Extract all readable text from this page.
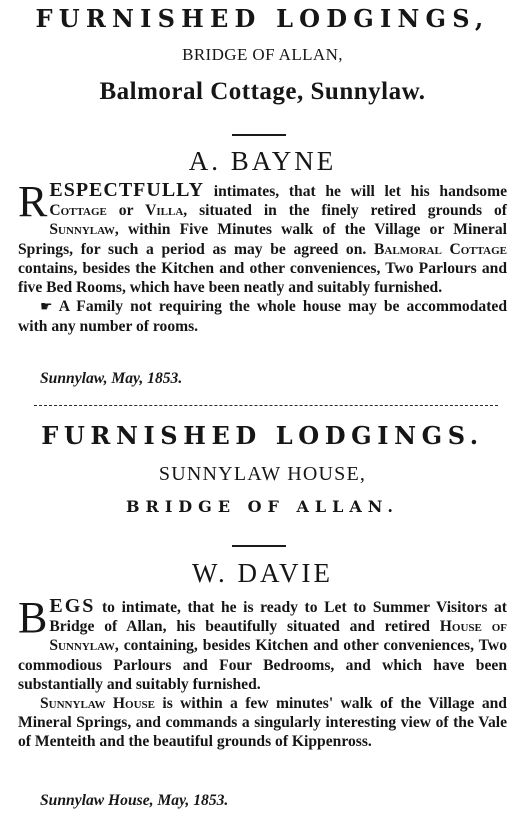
FURNISHED LODGINGS,
BRIDGE OF ALLAN,
Balmoral Cottage, Sunnylaw.
A. BAYNE

RESPECTFULLY intimates, that he will let his handsome Cottage or Villa, situated in the finely retired grounds of Sunnylaw, within Five Minutes walk of the Village or Mineral Springs, for such a period as may be agreed on. Balmoral Cottage contains, besides the Kitchen and other conveniences, Two Parlours and five Bed Rooms, which have been neatly and suitably furnished.

☛ A Family not requiring the whole house may be accommodated with any number of rooms.

Sunnylaw, May, 1853.
FURNISHED LODGINGS.
SUNNYLAW HOUSE,
BRIDGE OF ALLAN.
W. DAVIE

BEGS to intimate, that he is ready to Let to Summer Visitors at Bridge of Allan, his beautifully situated and retired House of Sunnylaw, containing, besides Kitchen and other conveniences, Two commodious Parlours and Four Bedrooms, and which have been substantially and suitably furnished.

Sunnylaw House is within a few minutes' walk of the Village and Mineral Springs, and commands a singularly interesting view of the Vale of Menteith and the beautiful grounds of Kippenross.

Sunnylaw House, May, 1853.
